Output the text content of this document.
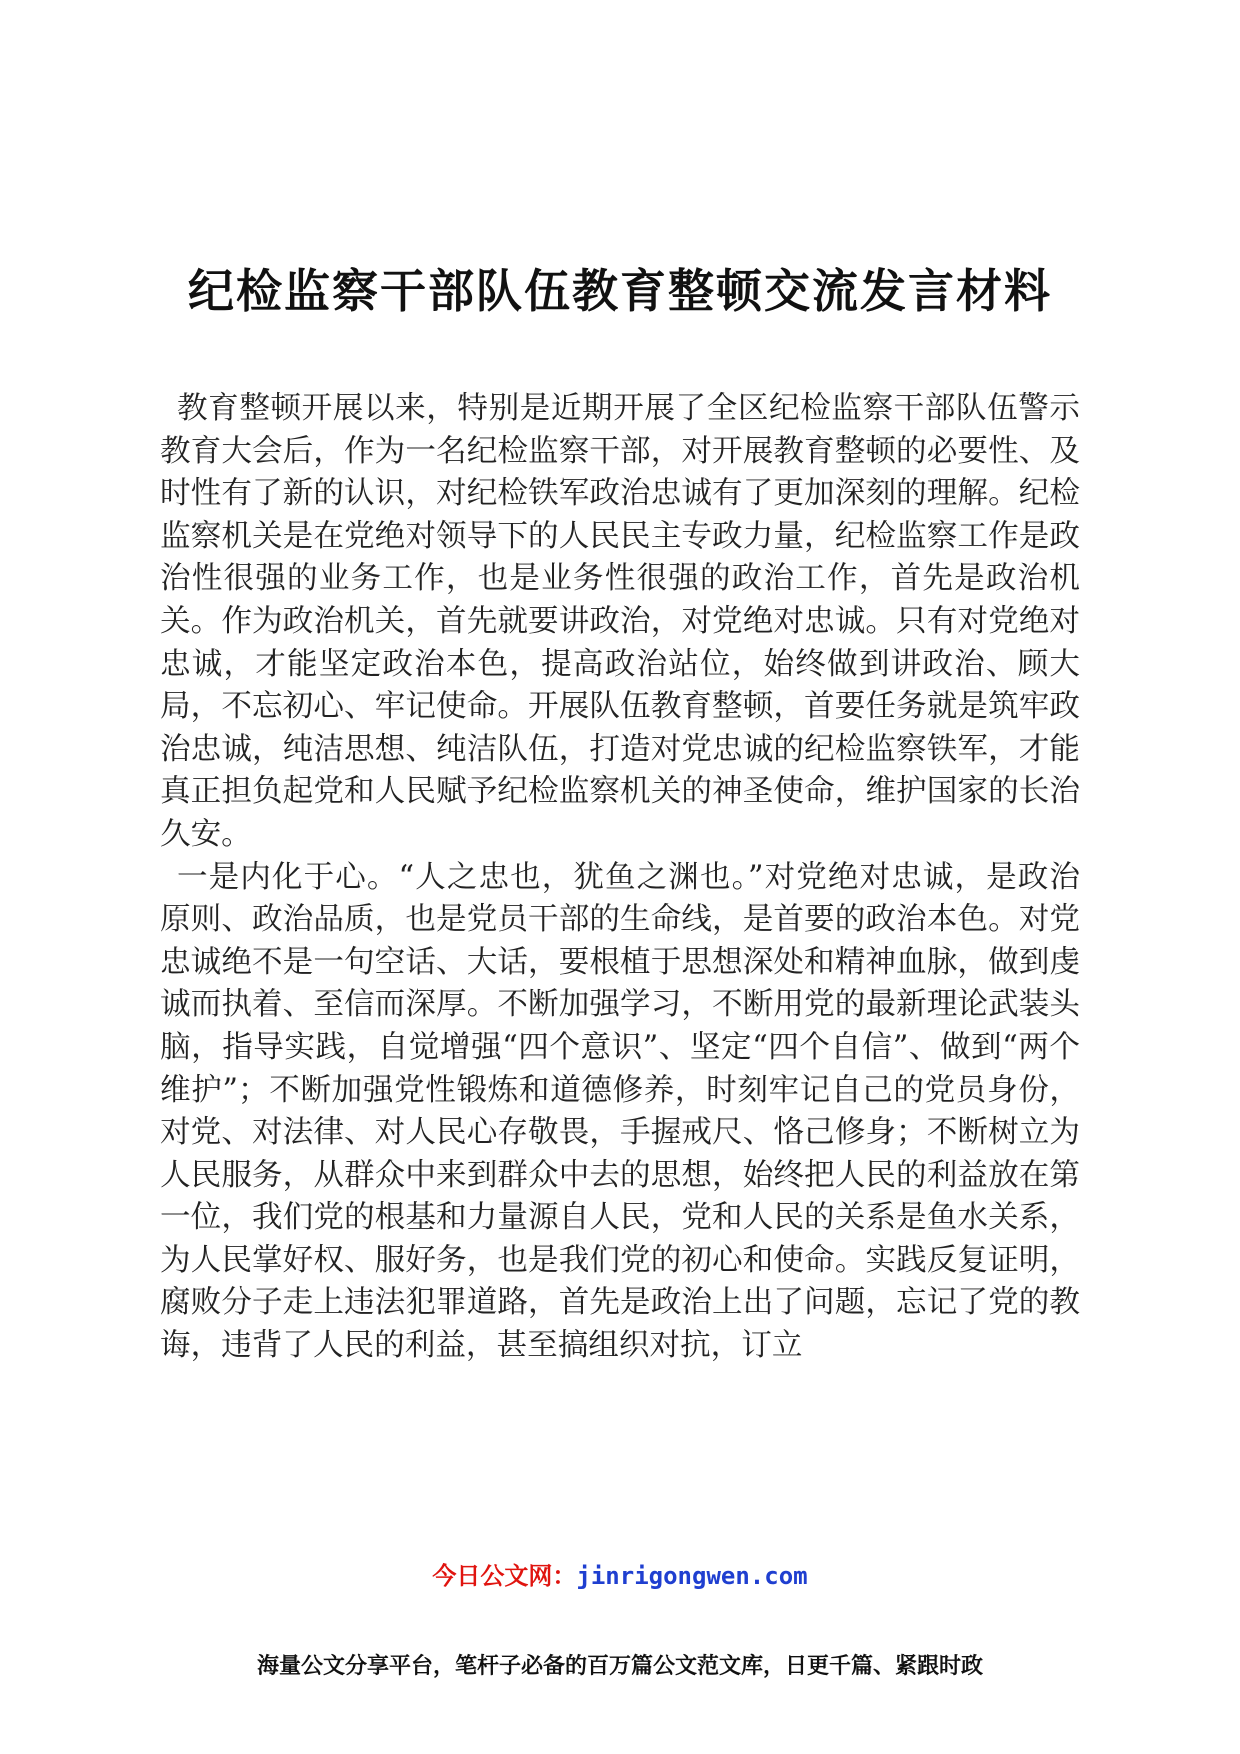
纪检监察干部队伍教育整顿交流发言材料

教育整顿开展以来，特别是近期开展了全区纪检监察干部队伍警示教育大会后，作为一名纪检监察干部，对开展教育整顿的必要性、及时性有了新的认识，对纪检铁军政治忠诚有了更加深刻的理解。纪检监察机关是在党绝对领导下的人民民主专政力量，纪检监察工作是政治性很强的业务工作，也是业务性很强的政治工作，首先是政治机关。作为政治机关，首先就要讲政治，对党绝对忠诚。只有对党绝对忠诚，才能坚定政治本色，提高政治站位，始终做到讲政治、顾大局，不忘初心、牢记使命。开展队伍教育整顿，首要任务就是筑牢政治忠诚，纯洁思想、纯洁队伍，打造对党忠诚的纪检监察铁军，才能真正担负起党和人民赋予纪检监察机关的神圣使命，维护国家的长治久安。

一是内化于心。“人之忠也，犹鱼之渊也。”对党绝对忠诚，是政治原则、政治品质，也是党员干部的生命线，是首要的政治本色。对党忠诚绝不是一句空话、大话，要根植于思想深处和精神血脉，做到虔诚而执着、至信而深厚。不断加强学习，不断用党的最新理论武装头脑，指导实践，自觉增强“四个意识”、坚定“四个自信”、做到“两个维护”；不断加强党性锻炼和道德修养，时刻牢记自己的党员身份，对党、对法律、对人民心存敬畏，手握戒尺、恪己修身；不断树立为人民服务，从群众中来到群众中去的思想，始终把人民的利益放在第一位，我们党的根基和力量源自人民，党和人民的关系是鱼水关系，为人民掌好权、服好务，也是我们党的初心和使命。实践反复证明，腐败分子走上违法犯罪道路，首先是政治上出了问题，忘记了党的教诲，违背了人民的利益，甚至搞组织对抗，订立

今日公文网：jinrigongwen.com
海量公文分享平台，笔杆子必备的百万篇公文范文库，日更千篇、紧跟时政
